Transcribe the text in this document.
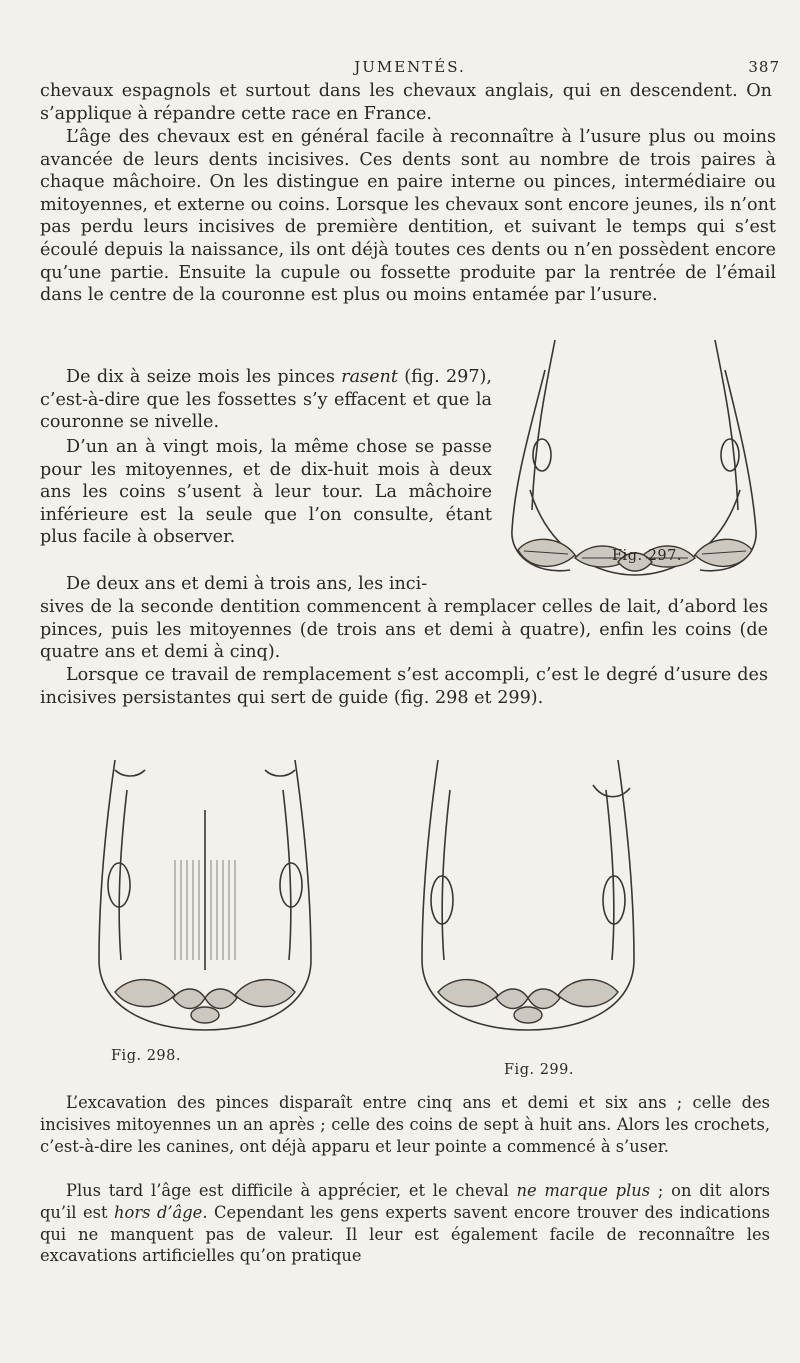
JUMENTÉS.	387

chevaux espagnols et surtout dans les chevaux anglais, qui en descendent. On s’applique à répandre cette race en France.

L’âge des chevaux est en général facile à reconnaître à l’usure plus ou moins avancée de leurs dents incisives. Ces dents sont au nombre de trois paires à chaque mâchoire. On les distingue en paire interne ou pinces, intermédiaire ou mitoyennes, et externe ou coins. Lorsque les chevaux sont encore jeunes, ils n’ont pas perdu leurs incisives de première dentition, et suivant le temps qui s’est écoulé depuis la naissance, ils ont déjà toutes ces dents ou n’en possèdent encore qu’une partie. Ensuite la cupule ou fossette produite par la rentrée de l’émail dans le centre de la couronne est plus ou moins entamée par l’usure.

De dix à seize mois les pinces rasent (fig. 297), c’est-à-dire que les fossettes s’y effacent et que la couronne se nivelle.

D’un an à vingt mois, la même chose se passe pour les mitoyennes, et de dix-huit mois à deux ans les coins s’usent à leur tour. La mâchoire inférieure est la seule que l’on consulte, étant plus facile à observer.

De deux ans et demi à trois ans, les inci-

sives de la seconde dentition commencent à remplacer celles de lait, d’abord les pinces, puis les mitoyennes (de trois ans et demi à quatre), enfin les coins (de quatre ans et demi à cinq).

Lorsque ce travail de remplacement s’est accompli, c’est le degré d’usure des incisives persistantes qui sert de guide (fig. 298 et 299).

Fig. 297.
Fig. 298.
Fig. 299.

L’excavation des pinces disparaît entre cinq ans et demi et six ans ; celle des incisives mitoyennes un an après ; celle des coins de sept à huit ans. Alors les crochets, c’est-à-dire les canines, ont déjà apparu et leur pointe a commencé à s’user.

Plus tard l’âge est difficile à apprécier, et le cheval ne marque plus ; on dit alors qu’il est hors d’âge. Cependant les gens experts savent encore trouver des indications qui ne manquent pas de valeur. Il leur est également facile de reconnaître les excavations artificielles qu’on pratique
